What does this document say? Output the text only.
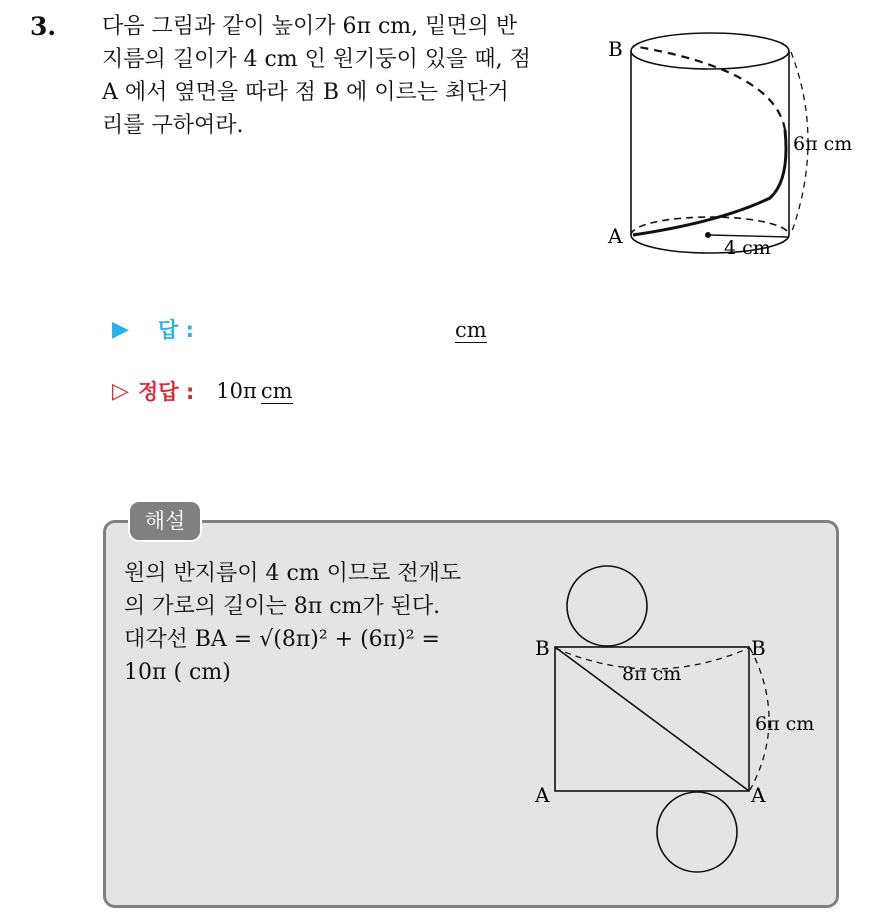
3. 다음 그림과 같이 높이가 6π cm, 밑면의 반

지름의 길이가 4 cm 인 원기둥이 있을 때, 점

A 에서 옆면을 따라 점 B 에 이르는 최단거

리를 구하여라.

B
A
6π cm
4 cm
▶	답 :	cm
▷ 정답 : 10π cm
해설

원의 반지름이 4 cm 이므로 전개도

의 가로의 길이는 8π cm가 된다.

대각선 BA = √(8π)² + (6π)² =

10π ( cm)

B	B
A	A
8π cm
6π cm
